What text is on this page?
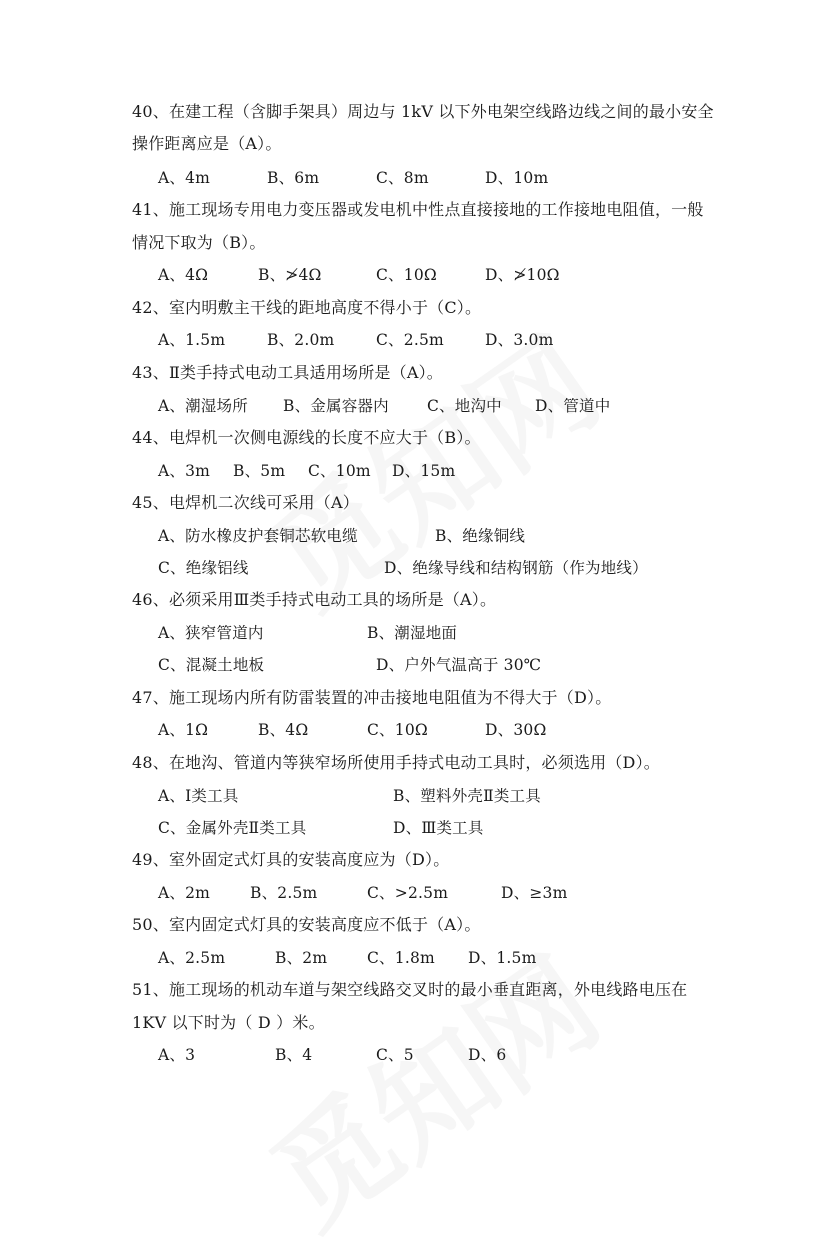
40、在建工程（含脚手架具）周边与 1kV 以下外电架空线路边线之间的最小安全
操作距离应是（A）。
A、4m	B、6m	C、8m	D、10m
41、施工现场专用电力变压器或发电机中性点直接接地的工作接地电阻值，一般
情况下取为（B）。
A、4Ω	B、≯4Ω	C、10Ω	D、≯10Ω
42、室内明敷主干线的距地高度不得小于（C）。
A、1.5m	B、2.0m	C、2.5m	D、3.0m
43、Ⅱ类手持式电动工具适用场所是（A）。
A、潮湿场所 B、金属容器内 C、地沟中 D、管道中
44、电焊机一次侧电源线的长度不应大于（B）。
A、3m B、5m C、10m D、15m
45、电焊机二次线可采用（A）
A、防水橡皮护套铜芯软电缆	B、绝缘铜线
C、绝缘铝线	D、绝缘导线和结构钢筋（作为地线）
46、必须采用Ⅲ类手持式电动工具的场所是（A）。
A、狭窄管道内	B、潮湿地面
C、混凝土地板	D、户外气温高于 30℃
47、施工现场内所有防雷装置的冲击接地电阻值为不得大于（D）。
A、1Ω	B、4Ω	C、10Ω	D、30Ω
48、在地沟、管道内等狭窄场所使用手持式电动工具时，必须选用（D）。
A、Ⅰ类工具	B、塑料外壳Ⅱ类工具
C、金属外壳Ⅱ类工具	D、Ⅲ类工具
49、室外固定式灯具的安装高度应为（D）。
A、2m	B、2.5m	C、>2.5m	D、≥3m
50、室内固定式灯具的安装高度应不低于（A）。
A、2.5m	B、2m	C、1.8m D、1.5m
51、施工现场的机动车道与架空线路交叉时的最小垂直距离，外电线路电压在
1KV 以下时为（ D ）米。
A、3	B、4	C、5	D、6
